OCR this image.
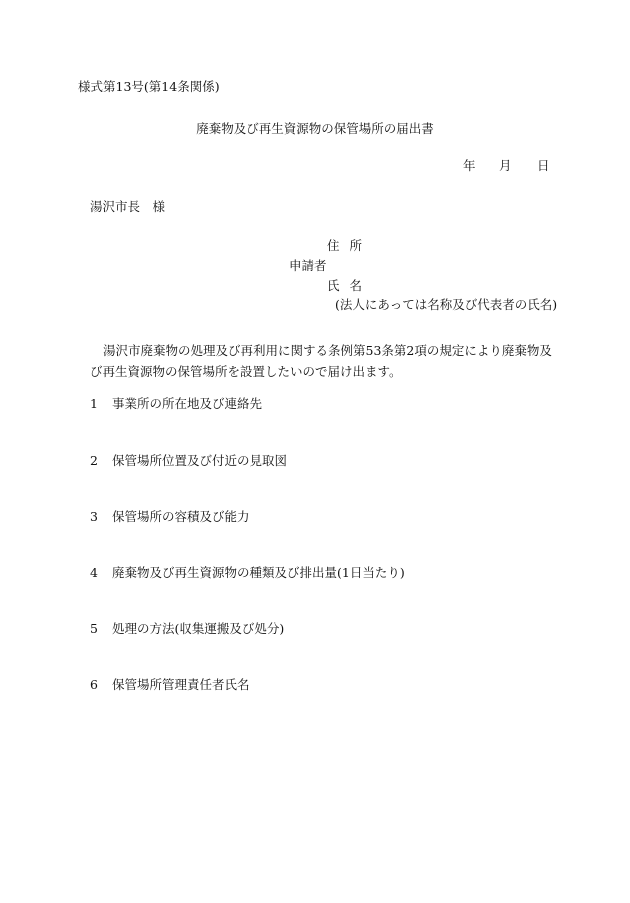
様式第13号(第14条関係)

廃棄物及び再生資源物の保管場所の届出書

年 月 日

湯沢市長　様

住所
申請者
氏名
(法人にあっては名称及び代表者の氏名)

湯沢市廃棄物の処理及び再利用に関する条例第53条第2項の規定により廃棄物及び再生資源物の保管場所を設置したいので届け出ます。

1 事業所の所在地及び連絡先
2 保管場所位置及び付近の見取図
3 保管場所の容積及び能力
4 廃棄物及び再生資源物の種類及び排出量(1日当たり)
5 処理の方法(収集運搬及び処分)
6 保管場所管理責任者氏名
